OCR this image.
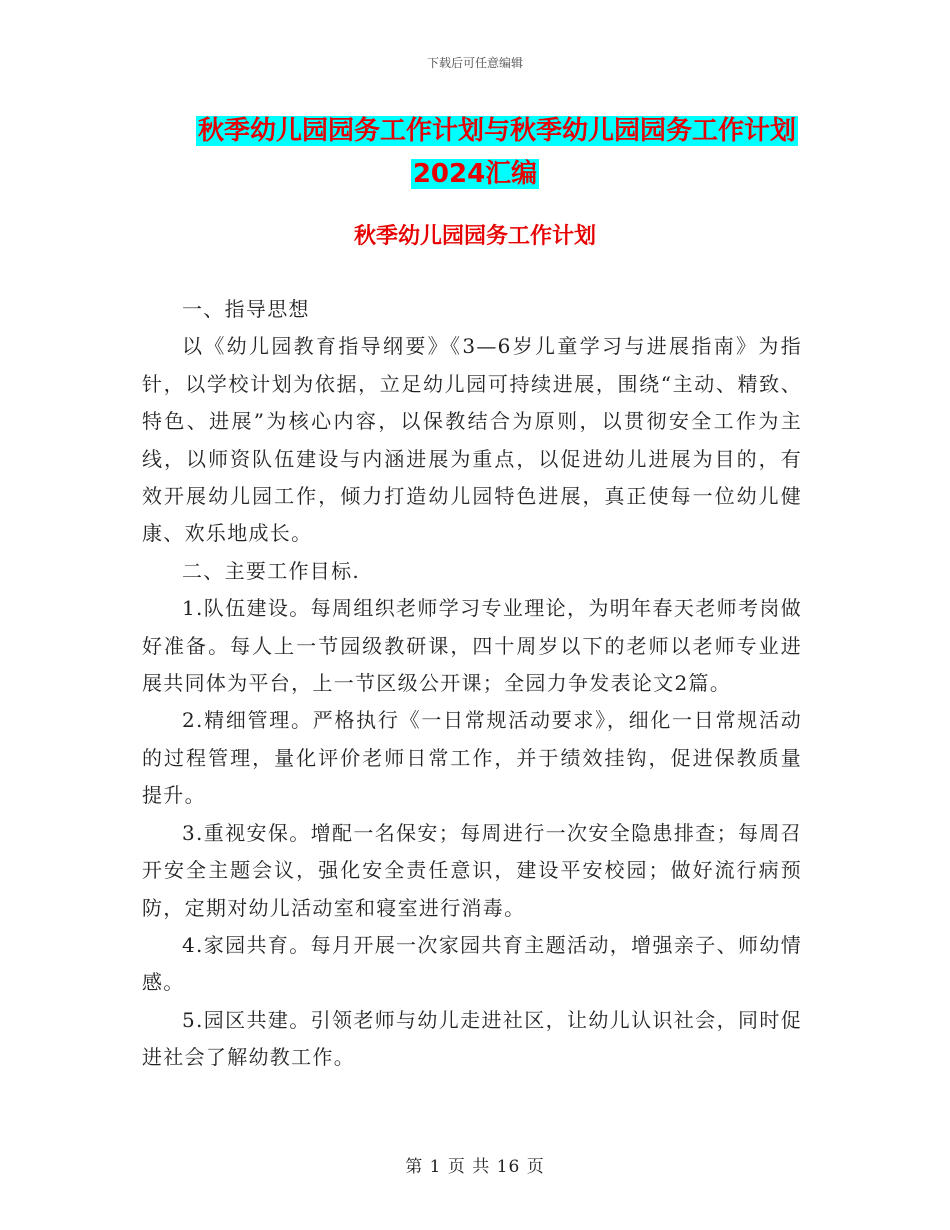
下载后可任意编辑
秋季幼儿园园务工作计划与秋季幼儿园园务工作计划
2024汇编
秋季幼儿园园务工作计划

一、指导思想

以《幼儿园教育指导纲要》《3—6岁儿童学习与进展指南》为指针，以学校计划为依据，立足幼儿园可持续进展，围绕“主动、精致、特色、进展”为核心内容，以保教结合为原则，以贯彻安全工作为主线，以师资队伍建设与内涵进展为重点，以促进幼儿进展为目的，有效开展幼儿园工作，倾力打造幼儿园特色进展，真正使每一位幼儿健康、欢乐地成长。

二、主要工作目标.

1.队伍建设。每周组织老师学习专业理论，为明年春天老师考岗做好准备。每人上一节园级教研课，四十周岁以下的老师以老师专业进展共同体为平台，上一节区级公开课；全园力争发表论文2篇。

2.精细管理。严格执行《一日常规活动要求》，细化一日常规活动的过程管理，量化评价老师日常工作，并于绩效挂钩，促进保教质量提升。

3.重视安保。增配一名保安；每周进行一次安全隐患排查；每周召开安全主题会议，强化安全责任意识，建设平安校园；做好流行病预防，定期对幼儿活动室和寝室进行消毒。

4.家园共育。每月开展一次家园共育主题活动，增强亲子、师幼情感。

5.园区共建。引领老师与幼儿走进社区，让幼儿认识社会，同时促进社会了解幼教工作。

第 1 页 共 16 页
